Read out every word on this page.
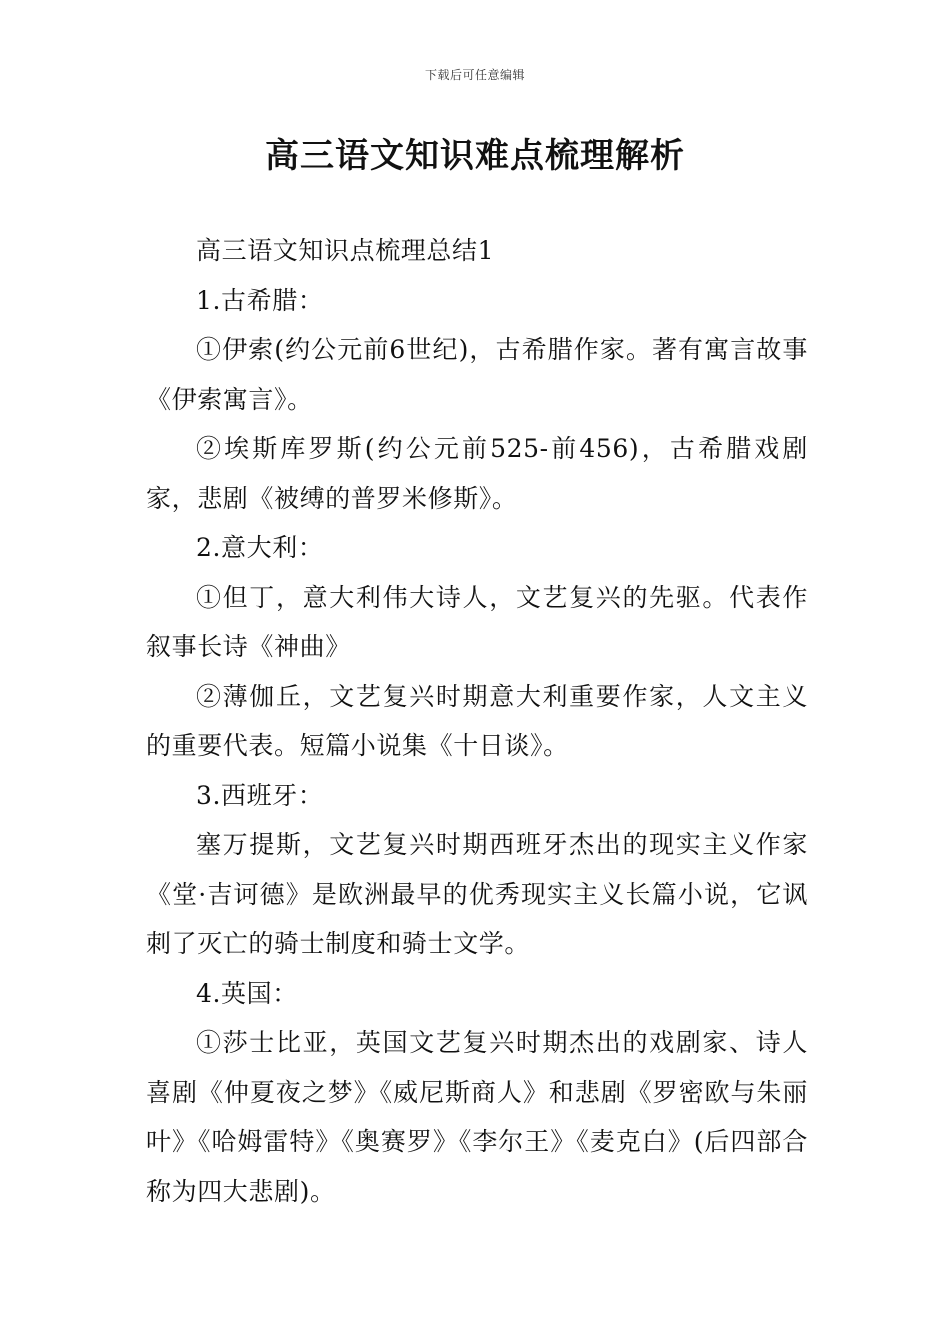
下载后可任意编辑
高三语文知识难点梳理解析

高三语文知识点梳理总结1

1.古希腊：

①伊索(约公元前6世纪)，古希腊作家。著有寓言故事《伊索寓言》。

②埃斯库罗斯(约公元前525-前456)，古希腊戏剧家，悲剧《被缚的普罗米修斯》。

2.意大利：

①但丁，意大利伟大诗人，文艺复兴的先驱。代表作叙事长诗《神曲》

②薄伽丘，文艺复兴时期意大利重要作家，人文主义的重要代表。短篇小说集《十日谈》。

3.西班牙：

塞万提斯，文艺复兴时期西班牙杰出的现实主义作家《堂·吉诃德》是欧洲最早的优秀现实主义长篇小说，它讽刺了灭亡的骑士制度和骑士文学。

4.英国：

①莎士比亚，英国文艺复兴时期杰出的戏剧家、诗人喜剧《仲夏夜之梦》《威尼斯商人》和悲剧《罗密欧与朱丽叶》《哈姆雷特》《奥赛罗》《李尔王》《麦克白》(后四部合称为四大悲剧)。
